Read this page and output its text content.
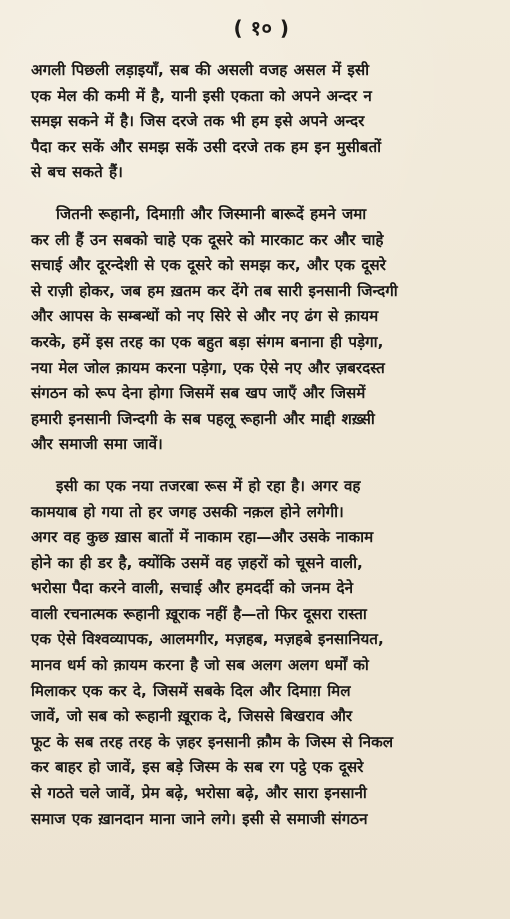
( १० )
अगली पिछली लड़ाइयाँ, सब की असली वजह असल में इसी
एक मेल की कमी में है, यानी इसी एकता को अपने अन्दर न
समझ सकने में है। जिस दरजे तक भी हम इसे अपने अन्दर
पैदा कर सकें और समझ सकें उसी दरजे तक हम इन मुसीबतों
से बच सकते हैं।
जितनी रूहानी, दिमाग़ी और जिस्मानी बारूदें हमने जमा
कर ली हैं उन सबको चाहे एक दूसरे को मारकाट कर और चाहे
सचाई और दूरन्देशी से एक दूसरे को समझ कर, और एक दूसरे
से राज़ी होकर, जब हम ख़तम कर देंगे तब सारी इनसानी जिन्दगी
और आपस के सम्बन्धों को नए सिरे से और नए ढंग से क़ायम
करके, हमें इस तरह का एक बहुत बड़ा संगम बनाना ही पड़ेगा,
नया मेल जोल क़ायम करना पड़ेगा, एक ऐसे नए और ज़बरदस्त
संगठन को रूप देना होगा जिसमें सब खप जाएँ और जिसमें
हमारी इनसानी जिन्दगी के सब पहलू रूहानी और माद्दी शख़्सी
और समाजी समा जावें।
इसी का एक नया तजरबा रूस में हो रहा है। अगर वह
कामयाब हो गया तो हर जगह उसकी नक़ल होने लगेगी।
अगर वह कुछ ख़ास बातों में नाकाम रहा—और उसके नाकाम
होने का ही डर है, क्योंकि उसमें वह ज़हरों को चूसने वाली,
भरोसा पैदा करने वाली, सचाई और हमदर्दी को जनम देने
वाली रचनात्मक रूहानी ख़ूराक नहीं है—तो फिर दूसरा रास्ता
एक ऐसे विश्वव्यापक, आलमगीर, मज़हब, मज़हबे इनसानियत,
मानव धर्म को क़ायम करना है जो सब अलग अलग धर्मों को
मिलाकर एक कर दे, जिसमें सबके दिल और दिमाग़ मिल
जावें, जो सब को रूहानी ख़ूराक दे, जिससे बिखराव और
फूट के सब तरह तरह के ज़हर इनसानी क़ौम के जिस्म से निकल
कर बाहर हो जावें, इस बड़े जिस्म के सब रग पट्ठे एक दूसरे
से गठते चले जावें, प्रेम बढ़े, भरोसा बढ़े, और सारा इनसानी
समाज एक ख़ानदान माना जाने लगे। इसी से समाजी संगठन
